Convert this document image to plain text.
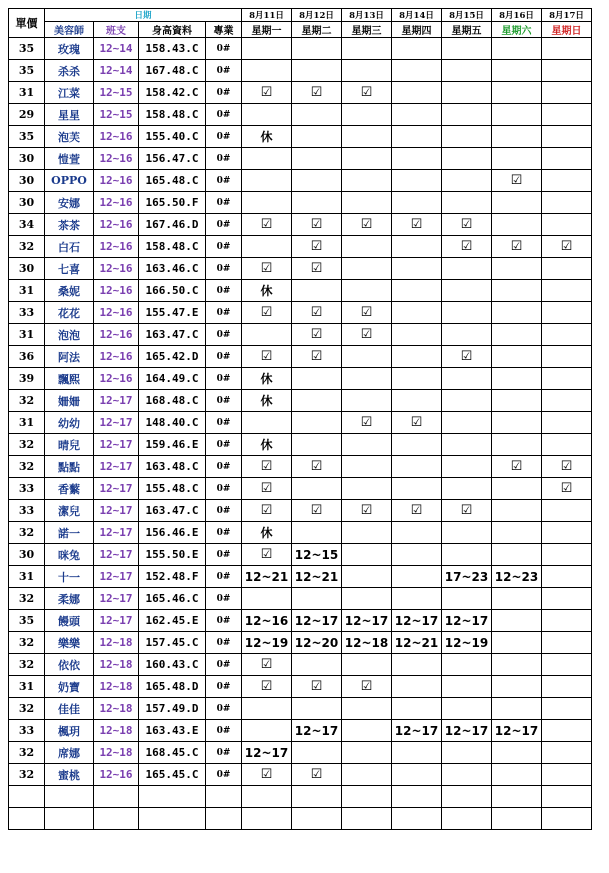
單價	日期				8月11日	8月12日	8月13日	8月14日	8月15日	8月16日	8月17日
	美容師	班支	身高資料	專業	星期一	星期二	星期三	星期四	星期五	星期六	星期日
35	玫瑰	12~14	158.43.C	0#							
35	杀杀	12~14	167.48.C	0#							
31	江菜	12~15	158.42.C	0#	☑	☑	☑				
29	星星	12~15	158.48.C	0#							
35	泡芙	12~16	155.40.C	0#	休						
30	愷萱	12~16	156.47.C	0#							
30	OPPO	12~16	165.48.C	0#						☑	
30	安娜	12~16	165.50.F	0#							
34	茶茶	12~16	167.46.D	0#	☑	☑	☑	☑	☑		
32	白石	12~16	158.48.C	0#		☑			☑	☑	☑
30	七喜	12~16	163.46.C	0#	☑	☑					
31	桑妮	12~16	166.50.C	0#	休						
33	花花	12~16	155.47.E	0#	☑	☑	☑				
31	泡泡	12~16	163.47.C	0#		☑	☑				
36	阿法	12~16	165.42.D	0#	☑	☑			☑		
39	飄熙	12~16	164.49.C	0#	休						
32	姍姍	12~17	168.48.C	0#	休						
31	幼幼	12~17	148.40.C	0#			☑	☑			
32	晴兒	12~17	159.46.E	0#	休						
32	點點	12~17	163.48.C	0#	☑	☑				☑	☑
33	香蘩	12~17	155.48.C	0#	☑						☑
33	潔兒	12~17	163.47.C	0#	☑	☑	☑	☑	☑		
32	諾一	12~17	156.46.E	0#	休						
30	咪兔	12~17	155.50.E	0#	☑	12~15					
31	十一	12~17	152.48.F	0#	12~21	12~21			17~23	12~23	
32	柔娜	12~17	165.46.C	0#							
35	饅頭	12~17	162.45.E	0#	12~16	12~17	12~17	12~17	12~17		
32	樂樂	12~18	157.45.C	0#	12~19	12~20	12~18	12~21	12~19		
32	依依	12~18	160.43.C	0#	☑						
31	奶寶	12~18	165.48.D	0#	☑	☑	☑				
32	佳佳	12~18	157.49.D	0#							
33	楓玥	12~18	163.43.E	0#		12~17		12~17	12~17	12~17	
32	席娜	12~18	168.45.C	0#	12~17						
32	蜜桃	12~16	165.45.C	0#	☑	☑					
